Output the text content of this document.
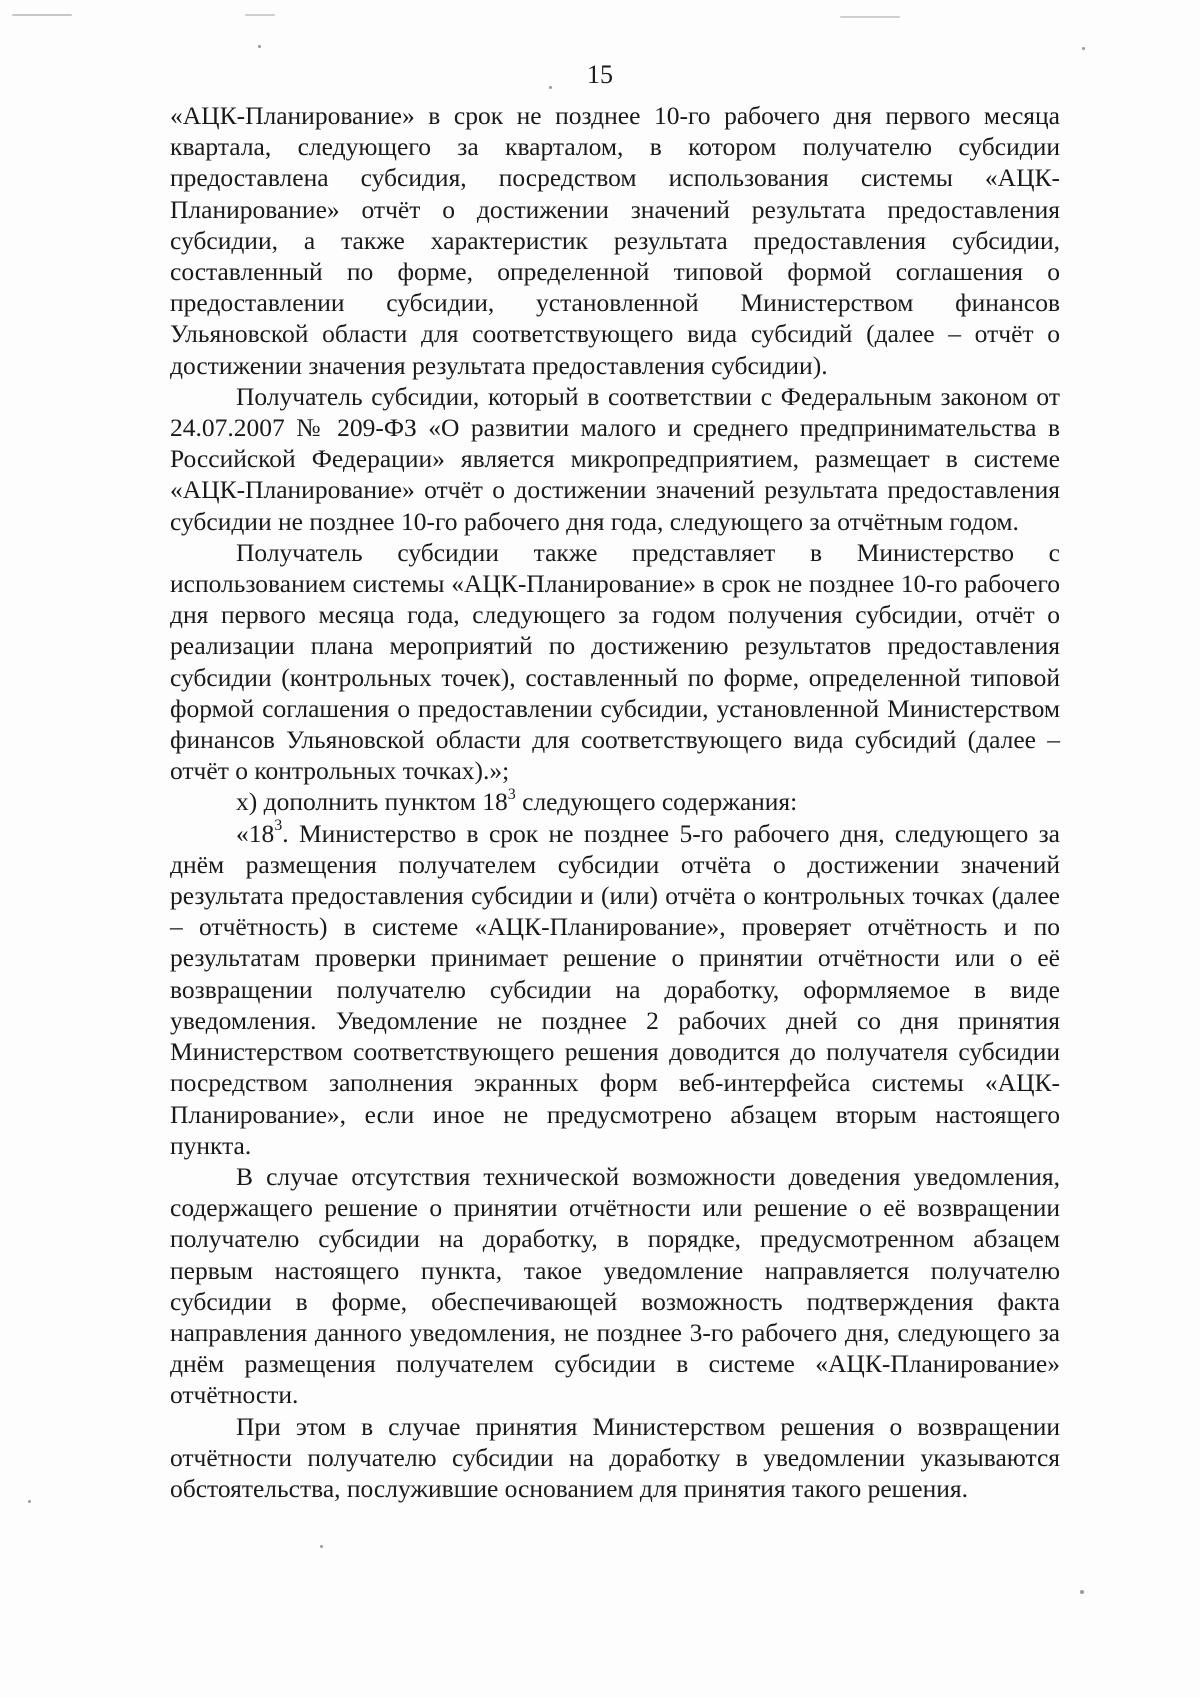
15

«АЦК-Планирование» в срок не позднее 10-го рабочего дня первого месяца квартала, следующего за кварталом, в котором получателю субсидии предоставлена субсидия, посредством использования системы «АЦК-Планирование» отчёт о достижении значений результата предоставления субсидии, а также характеристик результата предоставления субсидии, составленный по форме, определенной типовой формой соглашения о предоставлении субсидии, установленной Министерством финансов Ульяновской области для соответствующего вида субсидий (далее – отчёт о достижении значения результата предоставления субсидии).

Получатель субсидии, который в соответствии с Федеральным законом от 24.07.2007 № 209-ФЗ «О развитии малого и среднего предпринимательства в Российской Федерации» является микропредприятием, размещает в системе «АЦК-Планирование» отчёт о достижении значений результата предоставления субсидии не позднее 10-го рабочего дня года, следующего за отчётным годом.

Получатель субсидии также представляет в Министерство с использованием системы «АЦК-Планирование» в срок не позднее 10-го рабочего дня первого месяца года, следующего за годом получения субсидии, отчёт о реализации плана мероприятий по достижению результатов предоставления субсидии (контрольных точек), составленный по форме, определенной типовой формой соглашения о предоставлении субсидии, установленной Министерством финансов Ульяновской области для соответствующего вида субсидий (далее – отчёт о контрольных точках).»;

х) дополнить пунктом $18^3$ следующего содержания:

«$18^3$. Министерство в срок не позднее 5-го рабочего дня, следующего за днём размещения получателем субсидии отчёта о достижении значений результата предоставления субсидии и (или) отчёта о контрольных точках (далее – отчётность) в системе «АЦК-Планирование», проверяет отчётность и по результатам проверки принимает решение о принятии отчётности или о её возвращении получателю субсидии на доработку, оформляемое в виде уведомления. Уведомление не позднее 2 рабочих дней со дня принятия Министерством соответствующего решения доводится до получателя субсидии посредством заполнения экранных форм веб-интерфейса системы «АЦК-Планирование», если иное не предусмотрено абзацем вторым настоящего пункта.

В случае отсутствия технической возможности доведения уведомления, содержащего решение о принятии отчётности или решение о её возвращении получателю субсидии на доработку, в порядке, предусмотренном абзацем первым настоящего пункта, такое уведомление направляется получателю субсидии в форме, обеспечивающей возможность подтверждения факта направления данного уведомления, не позднее 3-го рабочего дня, следующего за днём размещения получателем субсидии в системе «АЦК-Планирование» отчётности.

При этом в случае принятия Министерством решения о возвращении отчётности получателю субсидии на доработку в уведомлении указываются обстоятельства, послужившие основанием для принятия такого решения.
